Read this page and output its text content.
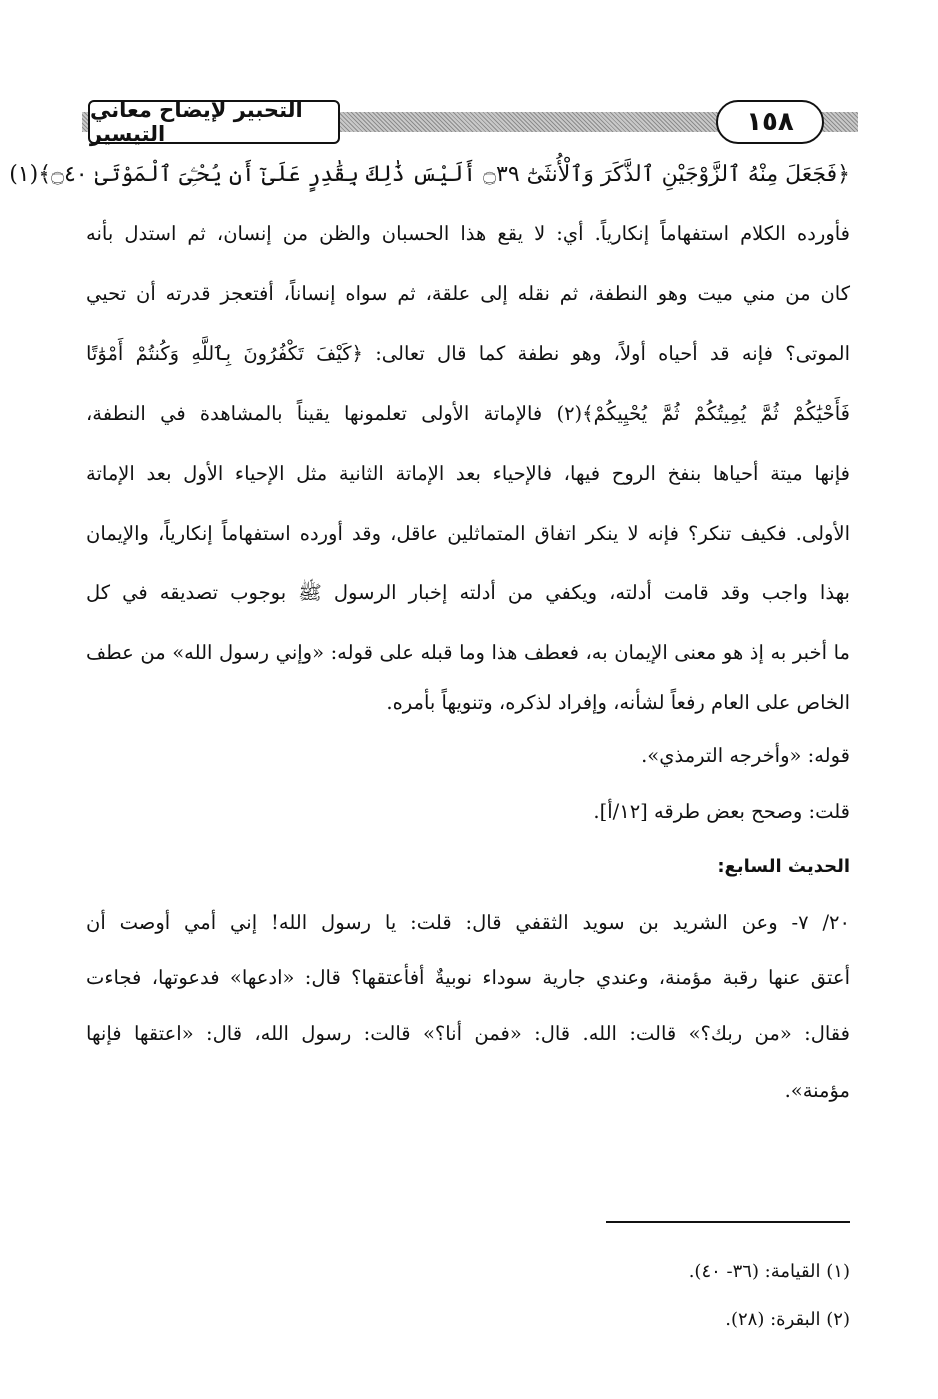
التحبير لإيضاح معاني التيسير	١٥٨
﴿فَجَعَلَ مِنْهُ ٱلزَّوْجَيْنِ ٱلذَّكَرَ وَٱلْأُنثَىٰٓ ۝٣٩ أَلَيْسَ ذَٰلِكَ بِقَٰدِرٍ عَلَىٰٓ أَن يُحْـِۧىَ ٱلْمَوْتَىٰ ۝٤٠﴾(١)
فأورده الكلام استفهاماً إنكارياً. أي: لا يقع هذا الحسبان والظن من إنسان، ثم استدل بأنه
كان من مني ميت وهو النطفة، ثم نقله إلى علقة، ثم سواه إنساناً، أفتعجز قدرته أن تحيي
الموتى؟ فإنه قد أحياه أولاً، وهو نطفة كما قال تعالى: ﴿كَيْفَ تَكْفُرُونَ بِٱللَّهِ وَكُنتُمْ أَمْوَٰتًا
فَأَحْيَٰكُمْ ثُمَّ يُمِيتُكُمْ ثُمَّ يُحْيِيكُمْ﴾(٢) فالإماتة الأولى تعلمونها يقيناً بالمشاهدة في النطفة،
فإنها ميتة أحياها بنفخ الروح فيها، فالإحياء بعد الإماتة الثانية مثل الإحياء الأول بعد الإماتة
الأولى. فكيف تنكر؟ فإنه لا ينكر اتفاق المتماثلين عاقل، وقد أورده استفهاماً إنكارياً، والإيمان
بهذا واجب وقد قامت أدلته، ويكفي من أدلته إخبار الرسول ﷺ بوجوب تصديقه في كل
ما أخبر به إذ هو معنى الإيمان به، فعطف هذا وما قبله على قوله: «وإني رسول الله» من عطف
الخاص على العام رفعاً لشأنه، وإفراد لذكره، وتنويهاً بأمره.
قوله: «وأخرجه الترمذي».
قلت: وصحح بعض طرقه [١٢/أ].
الحديث السابع:
٢٠/ ٧- وعن الشريد بن سويد الثقفي قال: قلت: يا رسول الله! إني أمي أوصت أن
أعتق عنها رقبة مؤمنة، وعندي جارية سوداء نوبيةٌ أفأعتقها؟ قال: «ادعها» فدعوتها، فجاءت
فقال: «من ربك؟» قالت: الله. قال: «فمن أنا؟» قالت: رسول الله، قال: «اعتقها فإنها
مؤمنة».
(١) القيامة: (٣٦- ٤٠).
(٢) البقرة: (٢٨).
